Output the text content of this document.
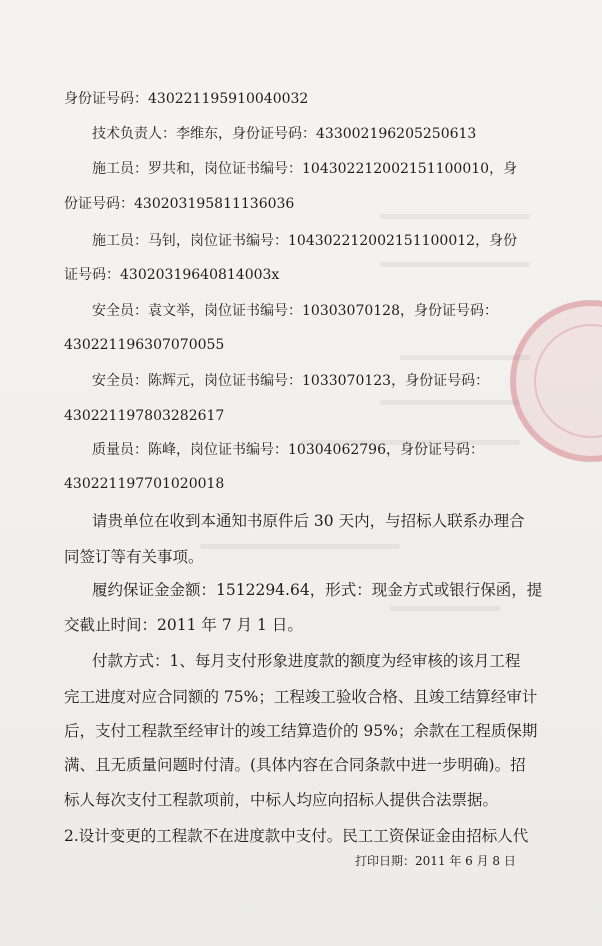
身份证号码：430221195910040032
技术负责人：李维东，身份证号码：433002196205250613
施工员：罗共和，岗位证书编号：104302212002151100010，身
份证号码：430203195811136036
施工员：马钊，岗位证书编号：104302212002151100012，身份
证号码：43020319640814003x
安全员：袁文举，岗位证书编号：10303070128，身份证号码：
430221196307070055
安全员：陈辉元，岗位证书编号：1033070123，身份证号码：
430221197803282617
质量员：陈峰，岗位证书编号：10304062796，身份证号码：
430221197701020018
请贵单位在收到本通知书原件后 30 天内，与招标人联系办理合
同签订等有关事项。
履约保证金金额：1512294.64，形式：现金方式或银行保函，提
交截止时间：2011 年 7 月 1 日。
付款方式：1、每月支付形象进度款的额度为经审核的该月工程
完工进度对应合同额的 75%；工程竣工验收合格、且竣工结算经审计
后，支付工程款至经审计的竣工结算造价的 95%；余款在工程质保期
满、且无质量问题时付清。(具体内容在合同条款中进一步明确)。招
标人每次支付工程款项前，中标人均应向招标人提供合法票据。
2.设计变更的工程款不在进度款中支付。民工工资保证金由招标人代
打印日期：2011 年 6 月 8 日
